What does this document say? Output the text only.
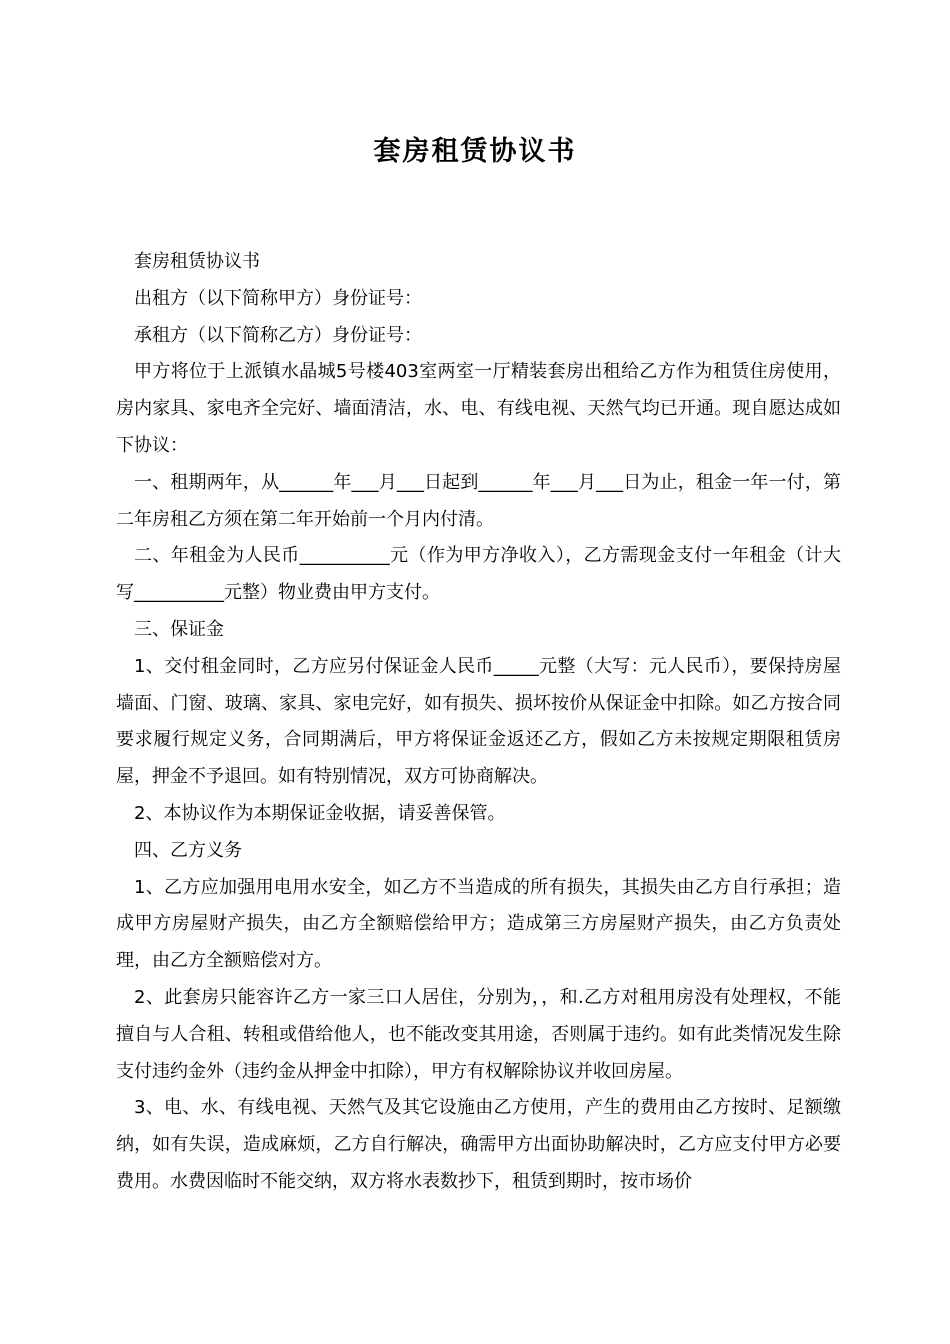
套房租赁协议书

套房租赁协议书

出租方（以下简称甲方）身份证号：

承租方（以下简称乙方）身份证号：

甲方将位于上派镇水晶城5号楼403室两室一厅精装套房出租给乙方作为租赁住房使用，房内家具、家电齐全完好、墙面清洁，水、电、有线电视、天然气均已开通。现自愿达成如下协议：

一、租期两年，从______年___月___日起到______年___月___日为止，租金一年一付，第二年房租乙方须在第二年开始前一个月内付清。

二、年租金为人民币__________元（作为甲方净收入），乙方需现金支付一年租金（计大写__________元整）物业费由甲方支付。

三、保证金

1、交付租金同时，乙方应另付保证金人民币_____元整（大写：元人民币），要保持房屋墙面、门窗、玻璃、家具、家电完好，如有损失、损坏按价从保证金中扣除。如乙方按合同要求履行规定义务，合同期满后，甲方将保证金返还乙方，假如乙方未按规定期限租赁房屋，押金不予退回。如有特别情况，双方可协商解决。

2、本协议作为本期保证金收据，请妥善保管。

四、乙方义务

1、乙方应加强用电用水安全，如乙方不当造成的所有损失，其损失由乙方自行承担；造成甲方房屋财产损失，由乙方全额赔偿给甲方；造成第三方房屋财产损失，由乙方负责处理，由乙方全额赔偿对方。

2、此套房只能容许乙方一家三口人居住，分别为，，和.乙方对租用房没有处理权，不能擅自与人合租、转租或借给他人，也不能改变其用途，否则属于违约。如有此类情况发生除支付违约金外（违约金从押金中扣除），甲方有权解除协议并收回房屋。

3、电、水、有线电视、天然气及其它设施由乙方使用，产生的费用由乙方按时、足额缴纳，如有失误，造成麻烦，乙方自行解决，确需甲方出面协助解决时，乙方应支付甲方必要费用。水费因临时不能交纳，双方将水表数抄下，租赁到期时，按市场价
